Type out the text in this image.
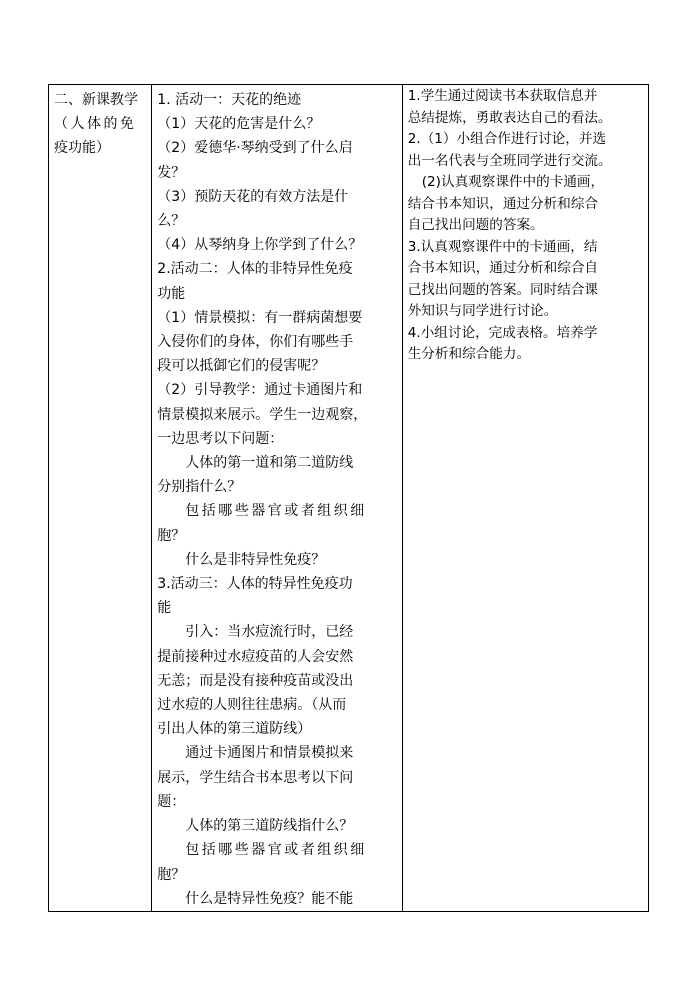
二、新课教学
（人体的免
疫功能）

1. 活动一：天花的绝迹
（1）天花的危害是什么？
（2）爱德华·琴纳受到了什么启
发？
（3）预防天花的有效方法是什
么？
（4）从琴纳身上你学到了什么？
2.活动二：人体的非特异性免疫
功能
（1）情景模拟：有一群病菌想要
入侵你们的身体，你们有哪些手
段可以抵御它们的侵害呢？
（2）引导教学：通过卡通图片和
情景模拟来展示。学生一边观察，
一边思考以下问题：
人体的第一道和第二道防线
分别指什么？
包括哪些器官或者组织细
胞？
什么是非特异性免疫？
3.活动三：人体的特异性免疫功
能
引入：当水痘流行时，已经
提前接种过水痘疫苗的人会安然
无恙；而是没有接种疫苗或没出
过水痘的人则往往患病。（从而
引出人体的第三道防线）
通过卡通图片和情景模拟来
展示，学生结合书本思考以下问
题：
人体的第三道防线指什么？
包括哪些器官或者组织细
胞？
什么是特异性免疫？能不能

1.学生通过阅读书本获取信息并
总结提炼，勇敢表达自己的看法。
2.（1）小组合作进行讨论，并选
出一名代表与全班同学进行交流。
(2)认真观察课件中的卡通画，
结合书本知识，通过分析和综合
自己找出问题的答案。
3.认真观察课件中的卡通画，结
合书本知识，通过分析和综合自
己找出问题的答案。同时结合课
外知识与同学进行讨论。
4.小组讨论，完成表格。培养学
生分析和综合能力。
